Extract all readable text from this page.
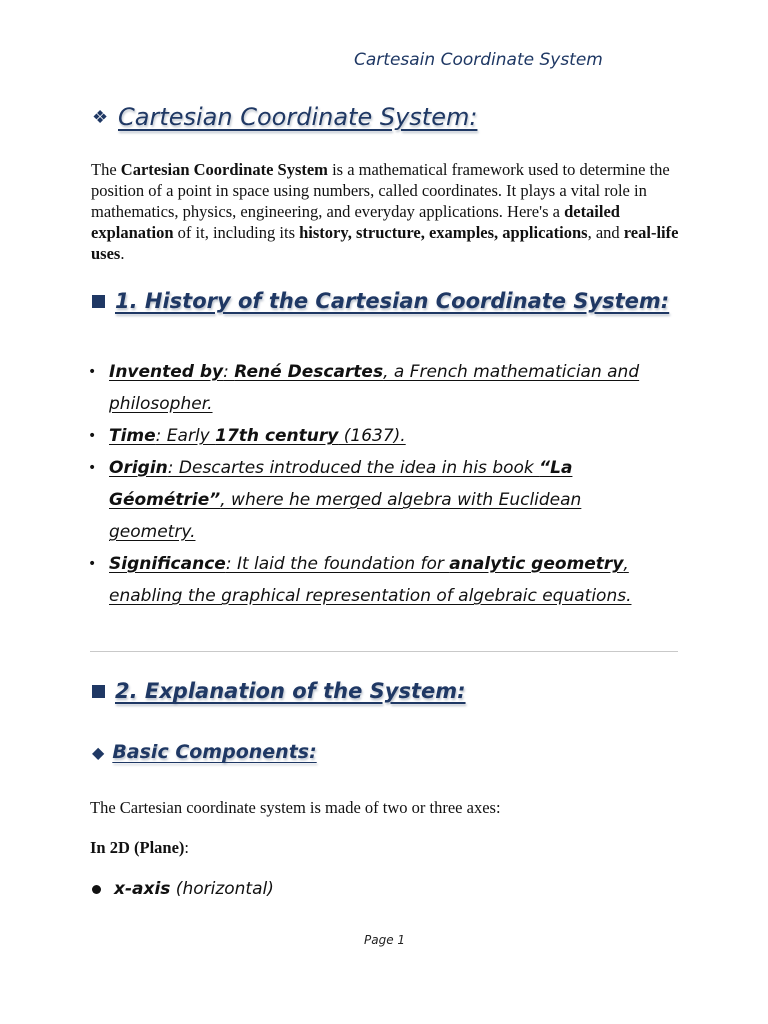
Cartesain Coordinate System
❖ Cartesian Coordinate System:

The Cartesian Coordinate System is a mathematical framework used to determine the position of a point in space using numbers, called coordinates. It plays a vital role in mathematics, physics, engineering, and everyday applications. Here's a detailed explanation of it, including its history, structure, examples, applications, and real-life uses.

1. History of the Cartesian Coordinate System:
• Invented by: René Descartes, a French mathematician and philosopher.
• Time: Early 17th century (1637).
• Origin: Descartes introduced the idea in his book “La Géométrie”, where he merged algebra with Euclidean geometry.
• Significance: It laid the foundation for analytic geometry, enabling the graphical representation of algebraic equations.
2. Explanation of the System:
◆ Basic Components:

The Cartesian coordinate system is made of two or three axes:

In 2D (Plane):

x-axis (horizontal)
Page 1
